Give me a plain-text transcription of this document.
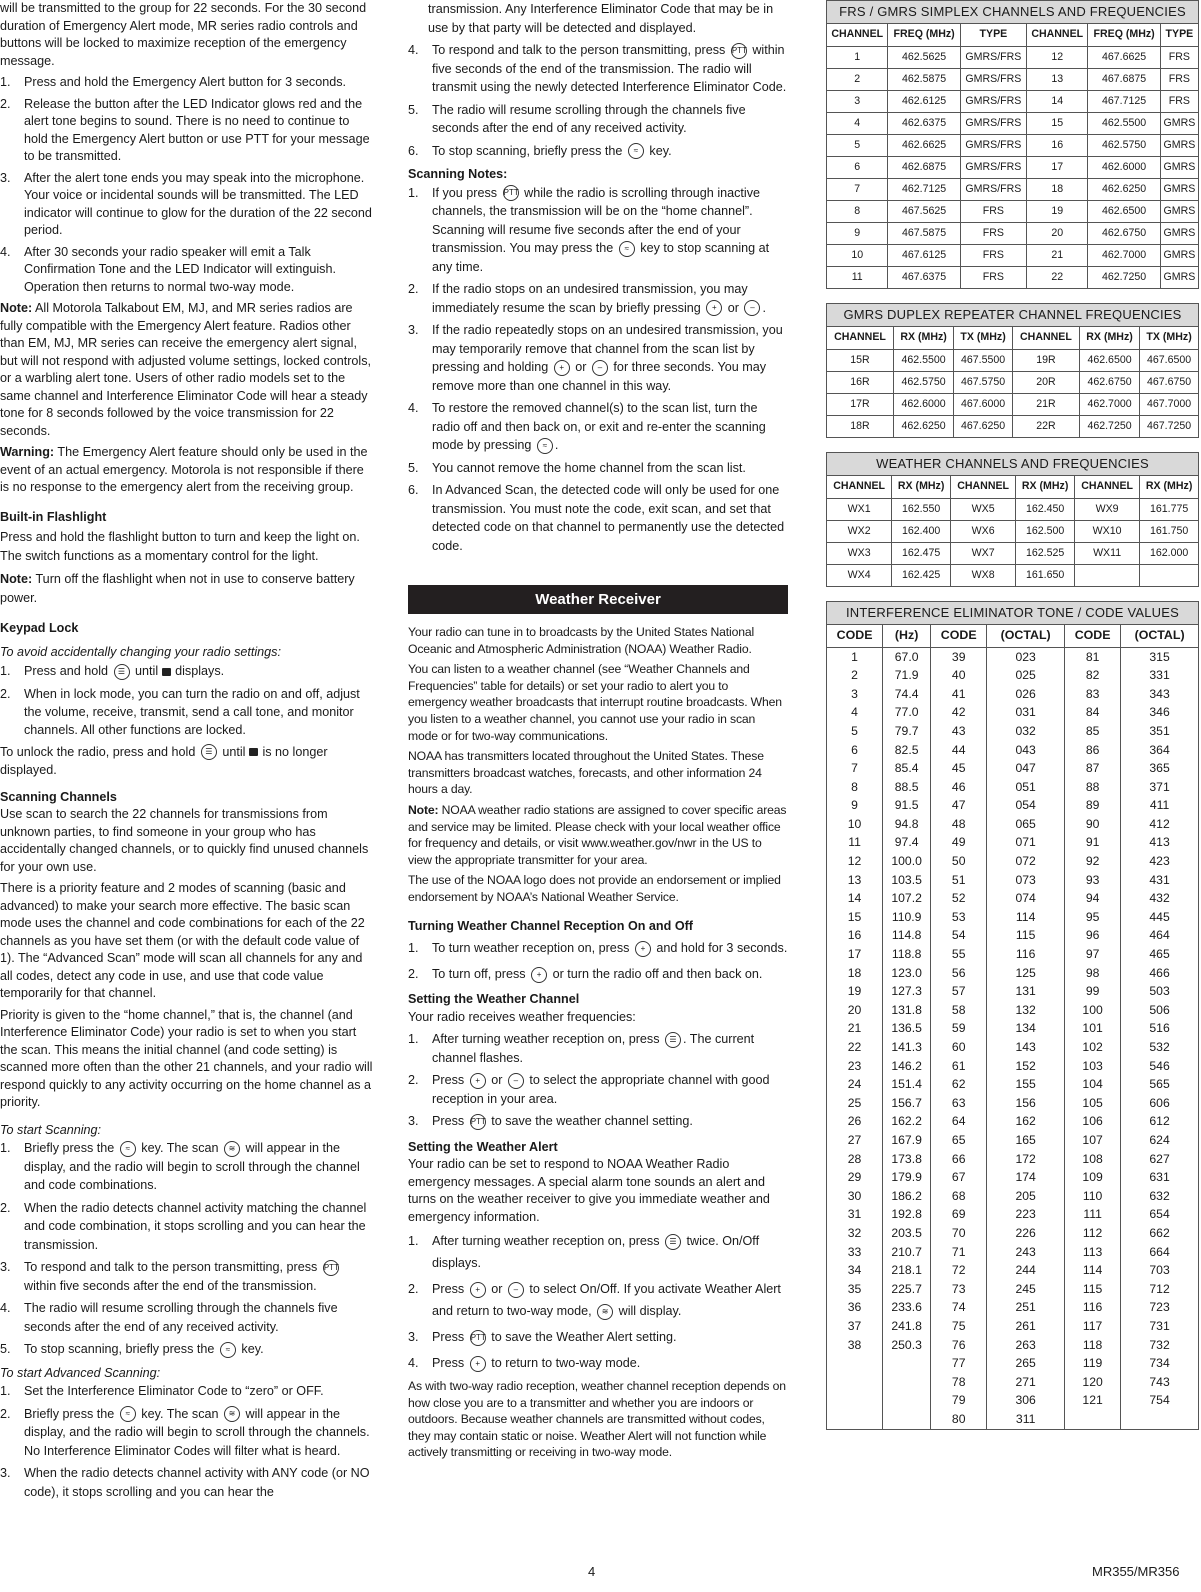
will be transmitted to the group for 22 seconds. For the 30 second duration of Emergency Alert mode, MR series radio controls and buttons will be locked to maximize reception of the emergency message.

1. Press and hold the Emergency Alert button for 3 seconds.
2. Release the button after the LED Indicator glows red and the alert tone begins to sound. There is no need to continue to hold the Emergency Alert button or use PTT for your message to be transmitted.
3. After the alert tone ends you may speak into the microphone. Your voice or incidental sounds will be transmitted. The LED indicator will continue to glow for the duration of the 22 second period.
4. After 30 seconds your radio speaker will emit a Talk Confirmation Tone and the LED Indicator will extinguish. Operation then returns to normal two-way mode.

Note: All Motorola Talkabout EM, MJ, and MR series radios are fully compatible with the Emergency Alert feature. Radios other than EM, MJ, MR series can receive the emergency alert signal, but will not respond with adjusted volume settings, locked controls, or a warbling alert tone. Users of other radio models set to the same channel and Interference Eliminator Code will hear a steady tone for 8 seconds followed by the voice transmission for 22 seconds.

Warning: The Emergency Alert feature should only be used in the event of an actual emergency. Motorola is not responsible if there is no response to the emergency alert from the receiving group.

Built-in Flashlight

Press and hold the flashlight button to turn and keep the light on. The switch functions as a momentary control for the light.

Note: Turn off the flashlight when not in use to conserve battery power.

Keypad Lock

To avoid accidentally changing your radio settings:

1. Press and hold ☰ until displays.
2. When in lock mode, you can turn the radio on and off, adjust the volume, receive, transmit, send a call tone, and monitor channels. All other functions are locked.

To unlock the radio, press and hold ☰ until is no longer displayed.

Scanning Channels

Use scan to search the 22 channels for transmissions from unknown parties, to find someone in your group who has accidentally changed channels, or to quickly find unused channels for your own use.

There is a priority feature and 2 modes of scanning (basic and advanced) to make your search more effective. The basic scan mode uses the channel and code combinations for each of the 22 channels as you have set them (or with the default code value of 1). The “Advanced Scan” mode will scan all channels for any and all codes, detect any code in use, and use that code value temporarily for that channel.

Priority is given to the “home channel,” that is, the channel (and Interference Eliminator Code) your radio is set to when you start the scan. This means the initial channel (and code setting) is scanned more often than the other 21 channels, and your radio will respond quickly to any activity occurring on the home channel as a priority.

To start Scanning:

1. Briefly press the ≈ key. The scan ≋ will appear in the display, and the radio will begin to scroll through the channel and code combinations.
2. When the radio detects channel activity matching the channel and code combination, it stops scrolling and you can hear the transmission.
3. To respond and talk to the person transmitting, press PTT within five seconds after the end of the transmission.
4. The radio will resume scrolling through the channels five seconds after the end of any received activity.
5. To stop scanning, briefly press the ≈ key.

To start Advanced Scanning:

1. Set the Interference Eliminator Code to “zero” or OFF.
2. Briefly press the ≈ key. The scan ≋ will appear in the display, and the radio will begin to scroll through the channels. No Interference Eliminator Codes will filter what is heard.
3. When the radio detects channel activity with ANY code (or NO code), it stops scrolling and you can hear the

transmission. Any Interference Eliminator Code that may be in use by that party will be detected and displayed.

4. To respond and talk to the person transmitting, press PTT within five seconds of the end of the transmission. The radio will transmit using the newly detected Interference Eliminator Code.
5. The radio will resume scrolling through the channels five seconds after the end of any received activity.
6. To stop scanning, briefly press the ≈ key.

Scanning Notes:

1. If you press PTT while the radio is scrolling through inactive channels, the transmission will be on the “home channel”. Scanning will resume five seconds after the end of your transmission. You may press the ≈ key to stop scanning at any time.
2. If the radio stops on an undesired transmission, you may immediately resume the scan by briefly pressing + or – .
3. If the radio repeatedly stops on an undesired transmission, you may temporarily remove that channel from the scan list by pressing and holding + or – for three seconds. You may remove more than one channel in this way.
4. To restore the removed channel(s) to the scan list, turn the radio off and then back on, or exit and re-enter the scanning mode by pressing ≈ .
5. You cannot remove the home channel from the scan list.
6. In Advanced Scan, the detected code will only be used for one transmission. You must note the code, exit scan, and set that detected code on that channel to permanently use the detected code.
Weather Receiver

Your radio can tune in to broadcasts by the United States National Oceanic and Atmospheric Administration (NOAA) Weather Radio.

You can listen to a weather channel (see “Weather Channels and Frequencies” table for details) or set your radio to alert you to emergency weather broadcasts that interrupt routine broadcasts. When you listen to a weather channel, you cannot use your radio in scan mode or for two-way communications.

NOAA has transmitters located throughout the United States. These transmitters broadcast watches, forecasts, and other information 24 hours a day.

Note: NOAA weather radio stations are assigned to cover specific areas and service may be limited. Please check with your local weather office for frequency and details, or visit www.weather.gov/nwr in the US to view the appropriate transmitter for your area.

The use of the NOAA logo does not provide an endorsement or implied endorsement by NOAA’s National Weather Service.

Turning Weather Channel Reception On and Off

1. To turn weather reception on, press + and hold for 3 seconds.
2. To turn off, press + or turn the radio off and then back on.

Setting the Weather Channel

Your radio receives weather frequencies:

1. After turning weather reception on, press ☰ . The current channel flashes.
2. Press + or – to select the appropriate channel with good reception in your area.
3. Press PTT to save the weather channel setting.

Setting the Weather Alert

Your radio can be set to respond to NOAA Weather Radio emergency messages. A special alarm tone sounds an alert and turns on the weather receiver to give you immediate weather and emergency information.

1. After turning weather reception on, press ☰ twice. On/Off displays.
2. Press + or – to select On/Off. If you activate Weather Alert and return to two-way mode, ≋ will display.
3. Press PTT to save the Weather Alert setting.
4. Press + to return to two-way mode.

As with two-way radio reception, weather channel reception depends on how close you are to a transmitter and whether you are indoors or outdoors. Because weather channels are transmitted without codes, they may contain static or noise. Weather Alert will not function while actively transmitting or receiving in two-way mode.

FRS / GMRS SIMPLEX CHANNELS AND FREQUENCIES					
CHANNEL	FREQ (MHz)	TYPE	CHANNEL	FREQ (MHz)	TYPE
1	462.5625	GMRS/FRS	12	467.6625	FRS
2	462.5875	GMRS/FRS	13	467.6875	FRS
3	462.6125	GMRS/FRS	14	467.7125	FRS
4	462.6375	GMRS/FRS	15	462.5500	GMRS
5	462.6625	GMRS/FRS	16	462.5750	GMRS
6	462.6875	GMRS/FRS	17	462.6000	GMRS
7	462.7125	GMRS/FRS	18	462.6250	GMRS
8	467.5625	FRS	19	462.6500	GMRS
9	467.5875	FRS	20	462.6750	GMRS
10	467.6125	FRS	21	462.7000	GMRS
11	467.6375	FRS	22	462.7250	GMRS
GMRS DUPLEX REPEATER CHANNEL FREQUENCIES					
CHANNEL	RX (MHz)	TX (MHz)	CHANNEL	RX (MHz)	TX (MHz)
15R	462.5500	467.5500	19R	462.6500	467.6500
16R	462.5750	467.5750	20R	462.6750	467.6750
17R	462.6000	467.6000	21R	462.7000	467.7000
18R	462.6250	467.6250	22R	462.7250	467.7250
WEATHER CHANNELS AND FREQUENCIES					
CHANNEL	RX (MHz)	CHANNEL	RX (MHz)	CHANNEL	RX (MHz)
WX1	162.550	WX5	162.450	WX9	161.775
WX2	162.400	WX6	162.500	WX10	161.750
WX3	162.475	WX7	162.525	WX11	162.000
WX4	162.425	WX8	161.650		
INTERFERENCE ELIMINATOR TONE / CODE VALUES					
CODE	(Hz)	CODE	(OCTAL)	CODE	(OCTAL)
1	67.0	39	023	81	315
2	71.9	40	025	82	331
3	74.4	41	026	83	343
4	77.0	42	031	84	346
5	79.7	43	032	85	351
6	82.5	44	043	86	364
7	85.4	45	047	87	365
8	88.5	46	051	88	371
9	91.5	47	054	89	411
10	94.8	48	065	90	412
11	97.4	49	071	91	413
12	100.0	50	072	92	423
13	103.5	51	073	93	431
14	107.2	52	074	94	432
15	110.9	53	114	95	445
16	114.8	54	115	96	464
17	118.8	55	116	97	465
18	123.0	56	125	98	466
19	127.3	57	131	99	503
20	131.8	58	132	100	506
21	136.5	59	134	101	516
22	141.3	60	143	102	532
23	146.2	61	152	103	546
24	151.4	62	155	104	565
25	156.7	63	156	105	606
26	162.2	64	162	106	612
27	167.9	65	165	107	624
28	173.8	66	172	108	627
29	179.9	67	174	109	631
30	186.2	68	205	110	632
31	192.8	69	223	111	654
32	203.5	70	226	112	662
33	210.7	71	243	113	664
34	218.1	72	244	114	703
35	225.7	73	245	115	712
36	233.6	74	251	116	723
37	241.8	75	261	117	731
38	250.3	76	263	118	732
		77	265	119	734
		78	271	120	743
		79	306	121	754
		80	311		
4	MR355/MR356
